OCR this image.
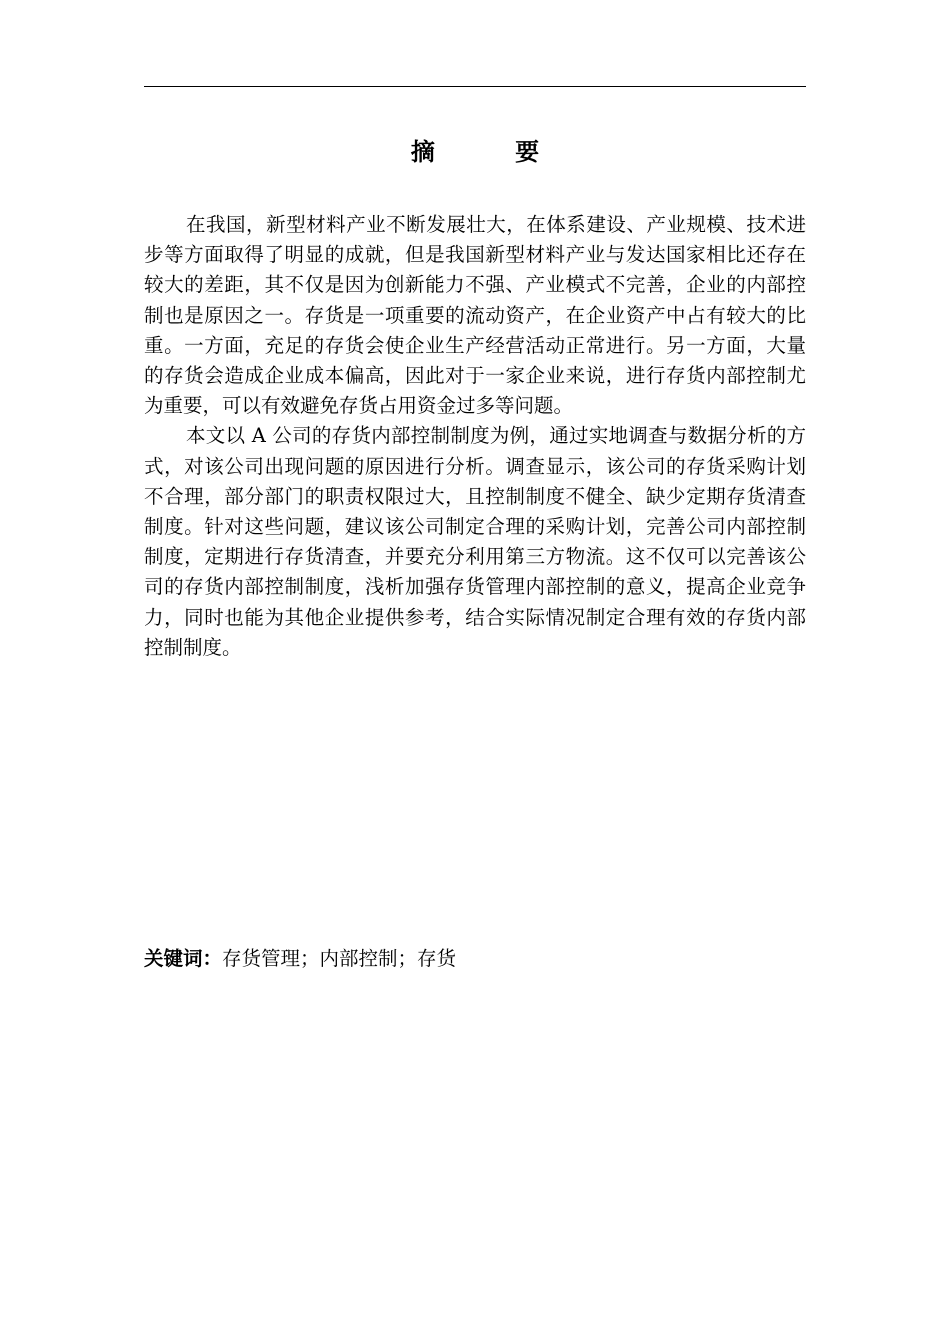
摘 要

在我国，新型材料产业不断发展壮大，在体系建设、产业规模、技术进步等方面取得了明显的成就，但是我国新型材料产业与发达国家相比还存在较大的差距，其不仅是因为创新能力不强、产业模式不完善，企业的内部控制也是原因之一。存货是一项重要的流动资产，在企业资产中占有较大的比重。一方面，充足的存货会使企业生产经营活动正常进行。另一方面，大量的存货会造成企业成本偏高，因此对于一家企业来说，进行存货内部控制尤为重要，可以有效避免存货占用资金过多等问题。

本文以 A 公司的存货内部控制制度为例，通过实地调查与数据分析的方式，对该公司出现问题的原因进行分析。调查显示，该公司的存货采购计划不合理，部分部门的职责权限过大，且控制制度不健全、缺少定期存货清查制度。针对这些问题，建议该公司制定合理的采购计划，完善公司内部控制制度，定期进行存货清查，并要充分利用第三方物流。这不仅可以完善该公司的存货内部控制制度，浅析加强存货管理内部控制的意义，提高企业竞争力，同时也能为其他企业提供参考，结合实际情况制定合理有效的存货内部控制制度。

关键词：存货管理；内部控制；存货
